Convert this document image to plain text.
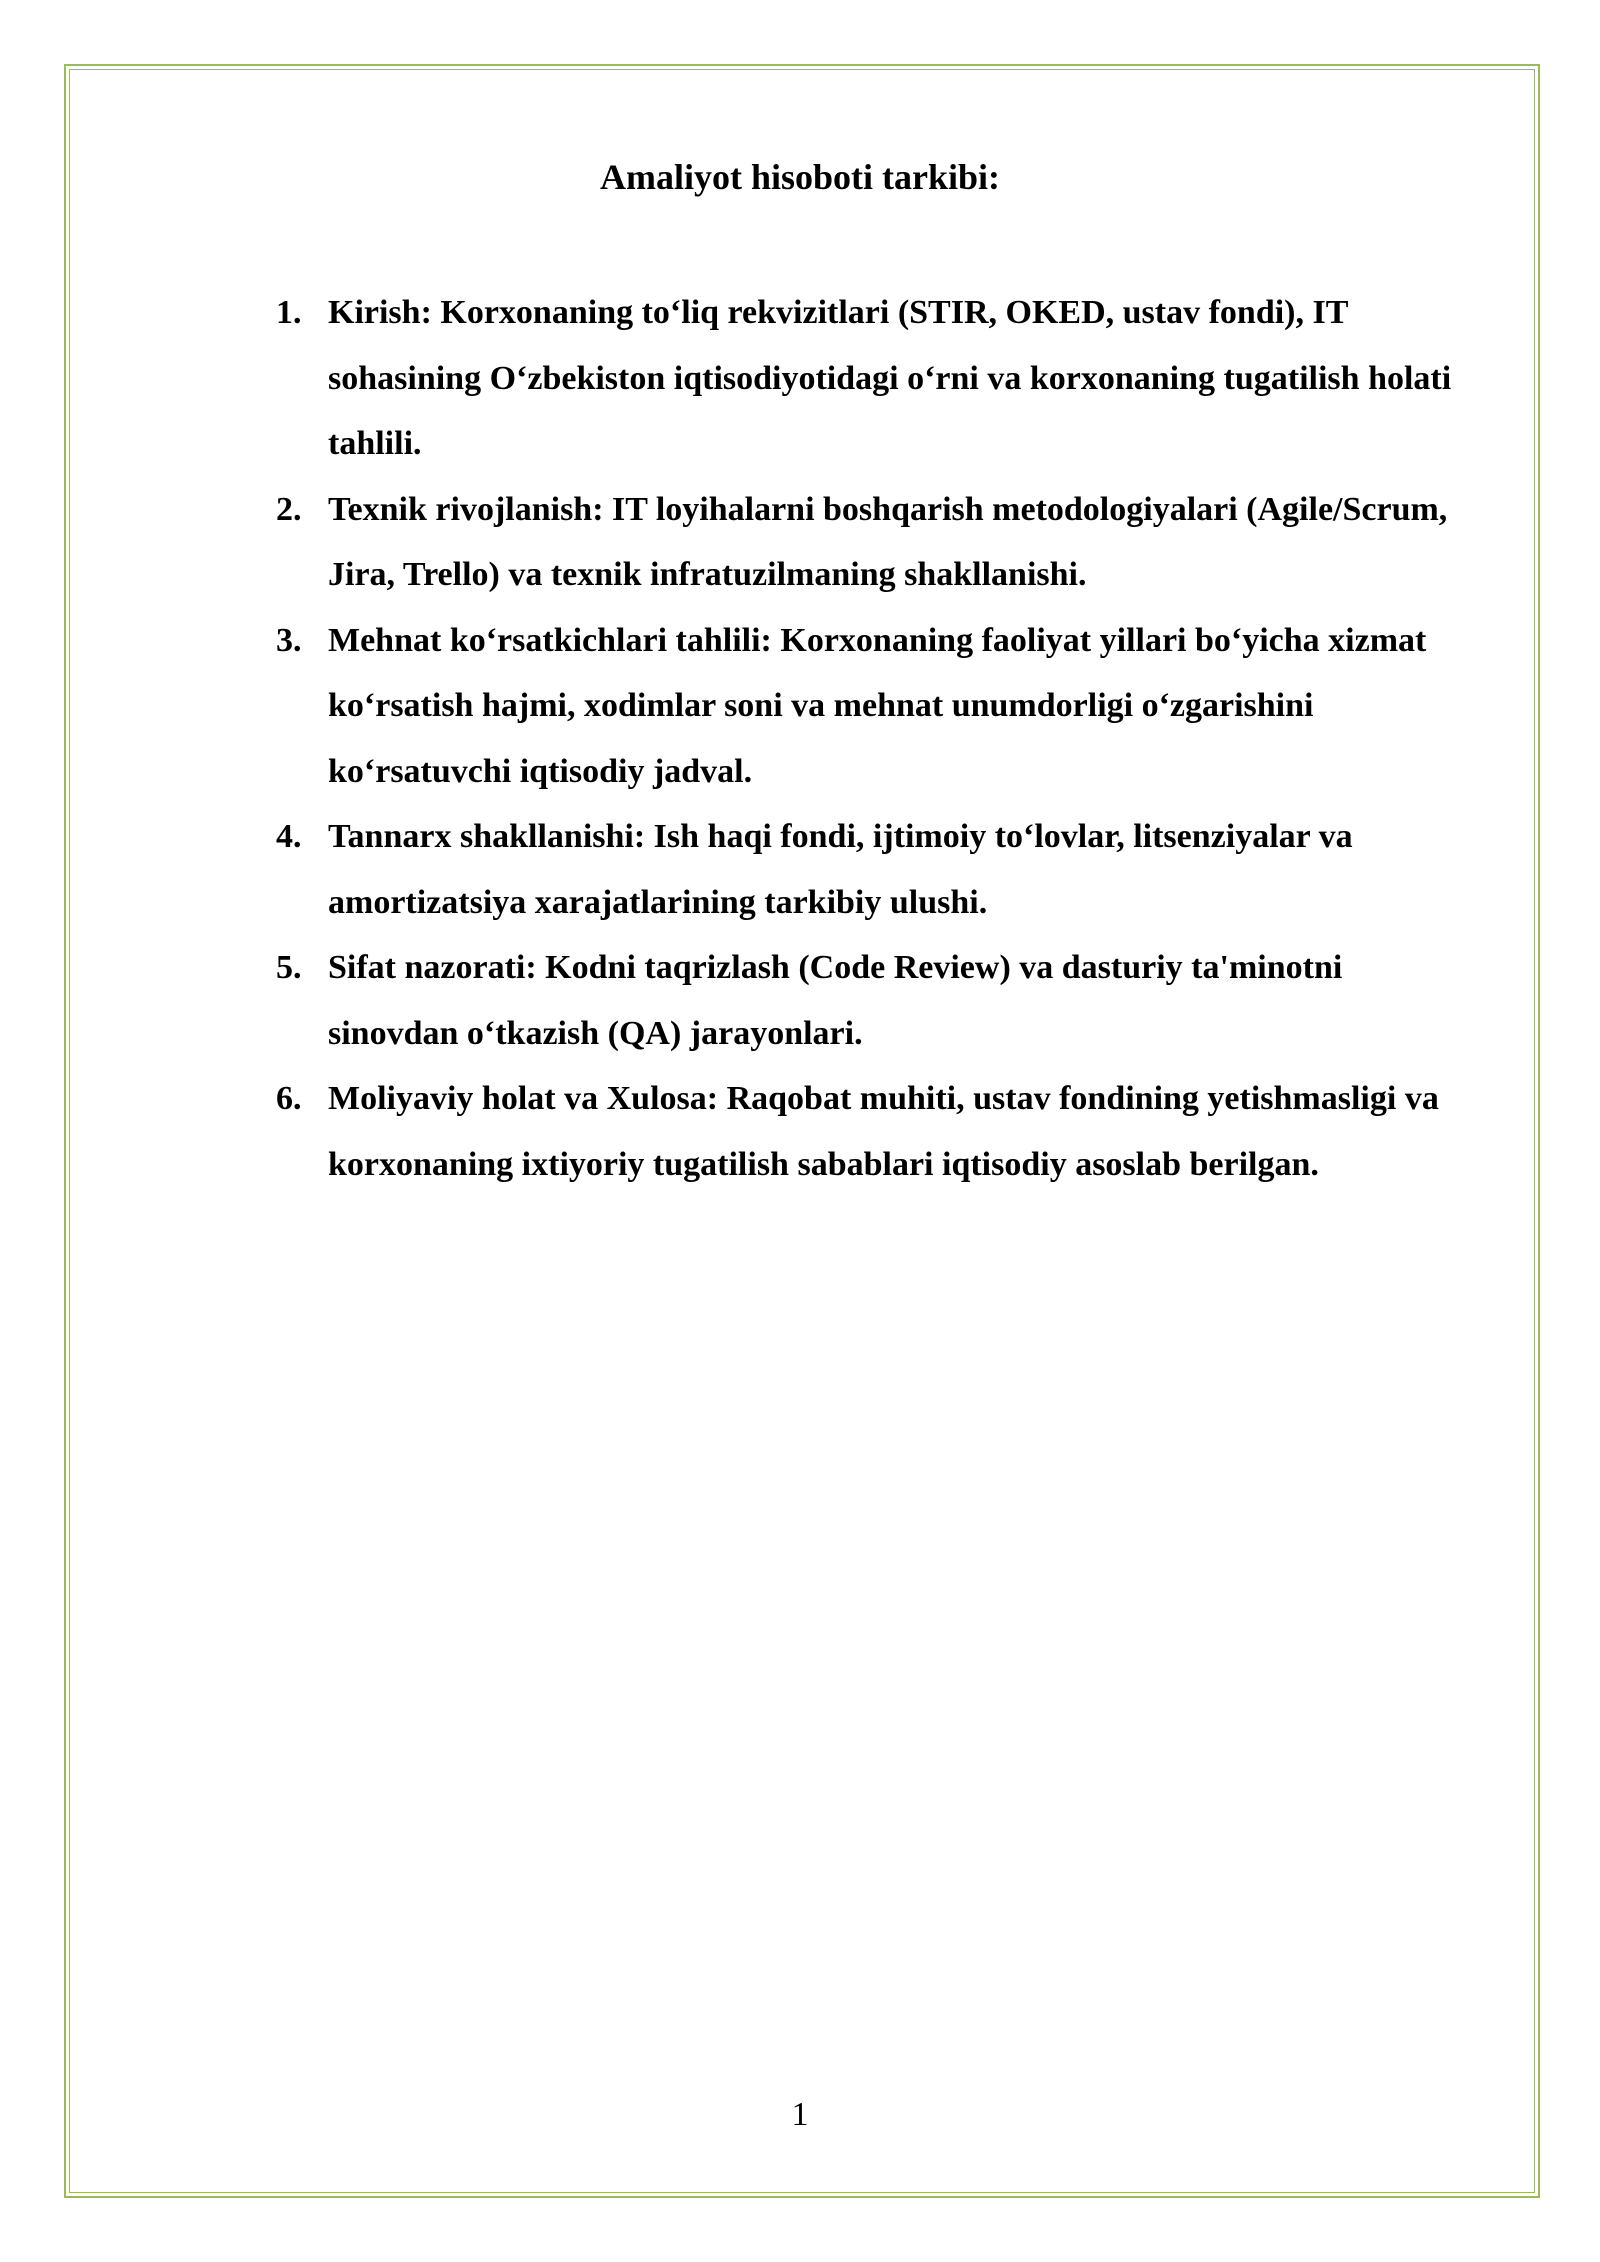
Amaliyot hisoboti tarkibi:
1. Kirish: Korxonaning to‘liq rekvizitlari (STIR, OKED, ustav fondi), IT sohasining O‘zbekiston iqtisodiyotidagi o‘rni va korxonaning tugatilish holati tahlili.
2. Texnik rivojlanish: IT loyihalarni boshqarish metodologiyalari (Agile/Scrum, Jira, Trello) va texnik infratuzilmaning shakllanishi.
3. Mehnat ko‘rsatkichlari tahlili: Korxonaning faoliyat yillari bo‘yicha xizmat ko‘rsatish hajmi, xodimlar soni va mehnat unumdorligi o‘zgarishini ko‘rsatuvchi iqtisodiy jadval.
4. Tannarx shakllanishi: Ish haqi fondi, ijtimoiy to‘lovlar, litsenziyalar va amortizatsiya xarajatlarining tarkibiy ulushi.
5. Sifat nazorati: Kodni taqrizlash (Code Review) va dasturiy ta'minotni sinovdan o‘tkazish (QA) jarayonlari.
6. Moliyaviy holat va Xulosa: Raqobat muhiti, ustav fondining yetishmasligi va korxonaning ixtiyoriy tugatilish sabablari iqtisodiy asoslab berilgan.
1
